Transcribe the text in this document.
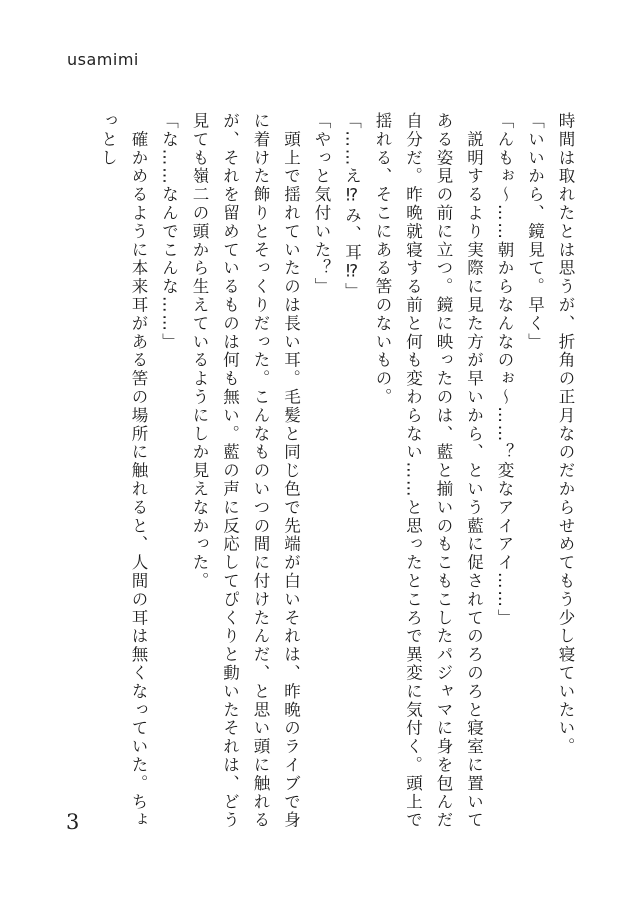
usamimi

時間は取れたとは思うが、折角の正月なのだからせめてもう少し寝ていたい。

「いいから、鏡見て。早く」

「んもぉ〜……朝からなんなのぉ〜……？変なアイアイ……」

　説明するより実際に見た方が早いから、という藍に促されてのろのろと寝室に置いてある姿見の前に立つ。鏡に映ったのは、藍と揃いのもこもこしたパジャマに身を包んだ自分だ。昨晩就寝する前と何も変わらない……と思ったところで異変に気付く。頭上で揺れる、そこにある筈のないもの。

「……え⁉み、耳⁉」

「やっと気付いた？」

　頭上で揺れていたのは長い耳。毛髪と同じ色で先端が白いそれは、昨晩のライブで身に着けた飾りとそっくりだった。こんなものいつの間に付けたんだ、と思い頭に触れるが、それを留めているものは何も無い。藍の声に反応してぴくりと動いたそれは、どう見ても嶺二の頭から生えているようにしか見えなかった。

「な……なんでこんな……」

　確かめるように本来耳がある筈の場所に触れると、人間の耳は無くなっていた。ちょっとし

3
